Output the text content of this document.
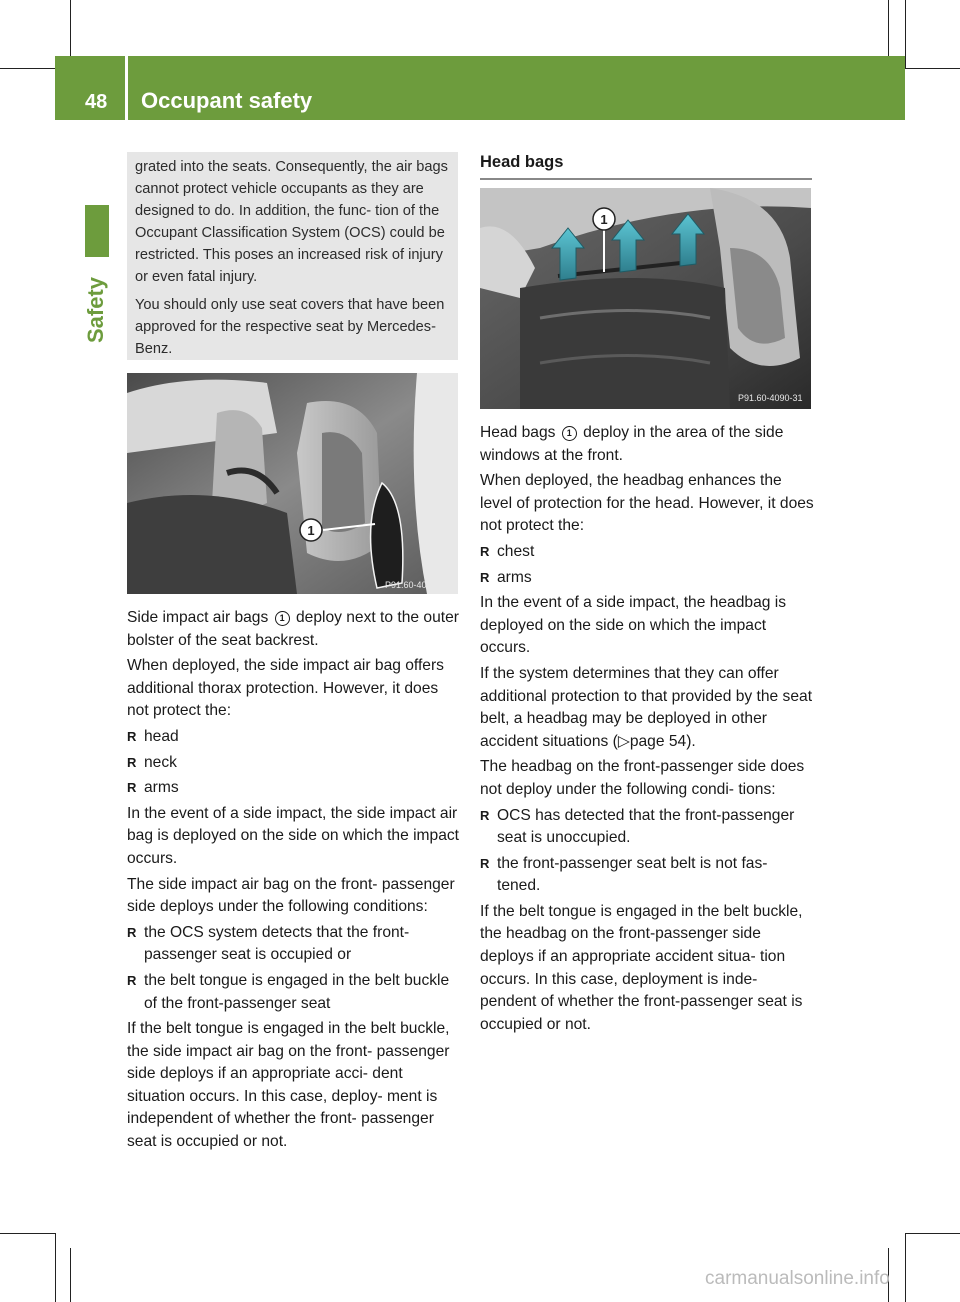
48 Occupant safety
Safety

grated into the seats. Consequently, the air bags cannot protect vehicle occupants as they are designed to do. In addition, the func- tion of the Occupant Classification System (OCS) could be restricted. This poses an increased risk of injury or even fatal injury.

You should only use seat covers that have been approved for the respective seat by Mercedes-Benz.

1
P91.60-4062-31

Side impact air bags 1 deploy next to the outer bolster of the seat backrest.

When deployed, the side impact air bag offers additional thorax protection. However, it does not protect the:

R head
R neck
R arms

In the event of a side impact, the side impact air bag is deployed on the side on which the impact occurs.

The side impact air bag on the front- passenger side deploys under the following conditions:

R the OCS system detects that the front- passenger seat is occupied or
R the belt tongue is engaged in the belt buckle of the front-passenger seat

If the belt tongue is engaged in the belt buckle, the side impact air bag on the front- passenger side deploys if an appropriate acci- dent situation occurs. In this case, deploy- ment is independent of whether the front- passenger seat is occupied or not.

Head bags
1
P91.60-4090-31

Head bags 1 deploy in the area of the side windows at the front.

When deployed, the headbag enhances the level of protection for the head. However, it does not protect the:

R chest
R arms

In the event of a side impact, the headbag is deployed on the side on which the impact occurs.

If the system determines that they can offer additional protection to that provided by the seat belt, a headbag may be deployed in other accident situations (▷page 54).

The headbag on the front-passenger side does not deploy under the following condi- tions:

R OCS has detected that the front-passenger seat is unoccupied.
R the front-passenger seat belt is not fas- tened.

If the belt tongue is engaged in the belt buckle, the headbag on the front-passenger side deploys if an appropriate accident situa- tion occurs. In this case, deployment is inde- pendent of whether the front-passenger seat is occupied or not.

carmanualsonline.info
